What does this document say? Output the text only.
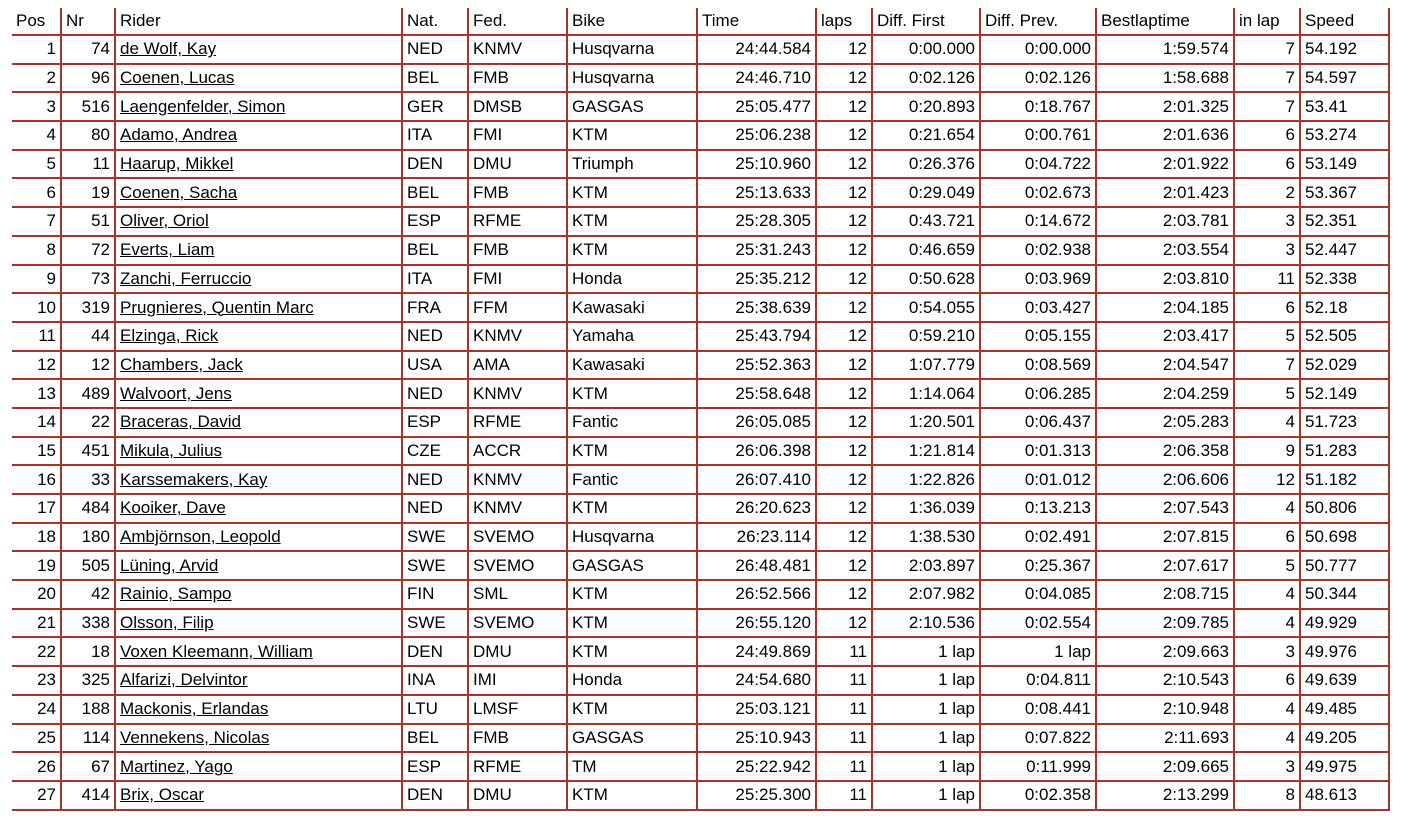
Pos	Nr	Rider	Nat.	Fed.	Bike	Time	laps	Diff. First	Diff. Prev.	Bestlaptime	in lap	Speed
1	74	de Wolf, Kay	NED	KNMV	Husqvarna	24:44.584	12	0:00.000	0:00.000	1:59.574	7	54.192
2	96	Coenen, Lucas	BEL	FMB	Husqvarna	24:46.710	12	0:02.126	0:02.126	1:58.688	7	54.597
3	516	Laengenfelder, Simon	GER	DMSB	GASGAS	25:05.477	12	0:20.893	0:18.767	2:01.325	7	53.41
4	80	Adamo, Andrea	ITA	FMI	KTM	25:06.238	12	0:21.654	0:00.761	2:01.636	6	53.274
5	11	Haarup, Mikkel	DEN	DMU	Triumph	25:10.960	12	0:26.376	0:04.722	2:01.922	6	53.149
6	19	Coenen, Sacha	BEL	FMB	KTM	25:13.633	12	0:29.049	0:02.673	2:01.423	2	53.367
7	51	Oliver, Oriol	ESP	RFME	KTM	25:28.305	12	0:43.721	0:14.672	2:03.781	3	52.351
8	72	Everts, Liam	BEL	FMB	KTM	25:31.243	12	0:46.659	0:02.938	2:03.554	3	52.447
9	73	Zanchi, Ferruccio	ITA	FMI	Honda	25:35.212	12	0:50.628	0:03.969	2:03.810	11	52.338
10	319	Prugnieres, Quentin Marc	FRA	FFM	Kawasaki	25:38.639	12	0:54.055	0:03.427	2:04.185	6	52.18
11	44	Elzinga, Rick	NED	KNMV	Yamaha	25:43.794	12	0:59.210	0:05.155	2:03.417	5	52.505
12	12	Chambers, Jack	USA	AMA	Kawasaki	25:52.363	12	1:07.779	0:08.569	2:04.547	7	52.029
13	489	Walvoort, Jens	NED	KNMV	KTM	25:58.648	12	1:14.064	0:06.285	2:04.259	5	52.149
14	22	Braceras, David	ESP	RFME	Fantic	26:05.085	12	1:20.501	0:06.437	2:05.283	4	51.723
15	451	Mikula, Julius	CZE	ACCR	KTM	26:06.398	12	1:21.814	0:01.313	2:06.358	9	51.283
16	33	Karssemakers, Kay	NED	KNMV	Fantic	26:07.410	12	1:22.826	0:01.012	2:06.606	12	51.182
17	484	Kooiker, Dave	NED	KNMV	KTM	26:20.623	12	1:36.039	0:13.213	2:07.543	4	50.806
18	180	Ambjörnson, Leopold	SWE	SVEMO	Husqvarna	26:23.114	12	1:38.530	0:02.491	2:07.815	6	50.698
19	505	Lüning, Arvid	SWE	SVEMO	GASGAS	26:48.481	12	2:03.897	0:25.367	2:07.617	5	50.777
20	42	Rainio, Sampo	FIN	SML	KTM	26:52.566	12	2:07.982	0:04.085	2:08.715	4	50.344
21	338	Olsson, Filip	SWE	SVEMO	KTM	26:55.120	12	2:10.536	0:02.554	2:09.785	4	49.929
22	18	Voxen Kleemann, William	DEN	DMU	KTM	24:49.869	11	1 lap	1 lap	2:09.663	3	49.976
23	325	Alfarizi, Delvintor	INA	IMI	Honda	24:54.680	11	1 lap	0:04.811	2:10.543	6	49.639
24	188	Mackonis, Erlandas	LTU	LMSF	KTM	25:03.121	11	1 lap	0:08.441	2:10.948	4	49.485
25	114	Vennekens, Nicolas	BEL	FMB	GASGAS	25:10.943	11	1 lap	0:07.822	2:11.693	4	49.205
26	67	Martinez, Yago	ESP	RFME	TM	25:22.942	11	1 lap	0:11.999	2:09.665	3	49.975
27	414	Brix, Oscar	DEN	DMU	KTM	25:25.300	11	1 lap	0:02.358	2:13.299	8	48.613
